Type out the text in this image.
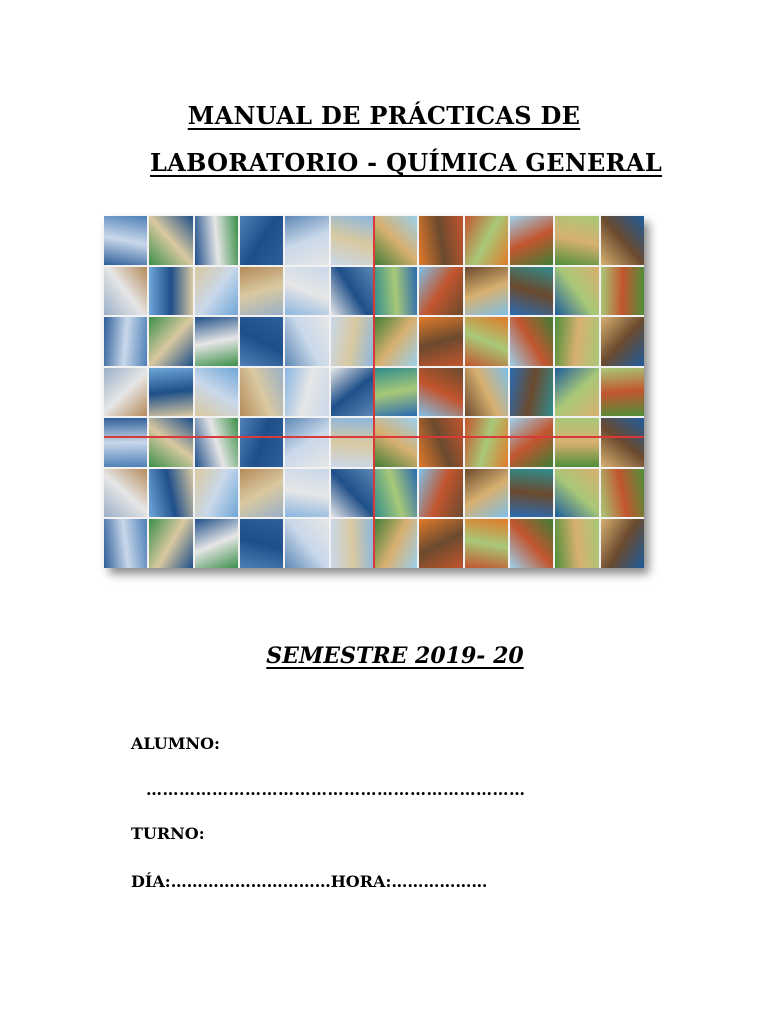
MANUAL DE PRÁCTICAS DE
LABORATORIO - QUÍMICA GENERAL
SEMESTRE 2019- 20
ALUMNO:
……………………………………………………………
TURNO:
DÍA:…………………………HORA:………………
